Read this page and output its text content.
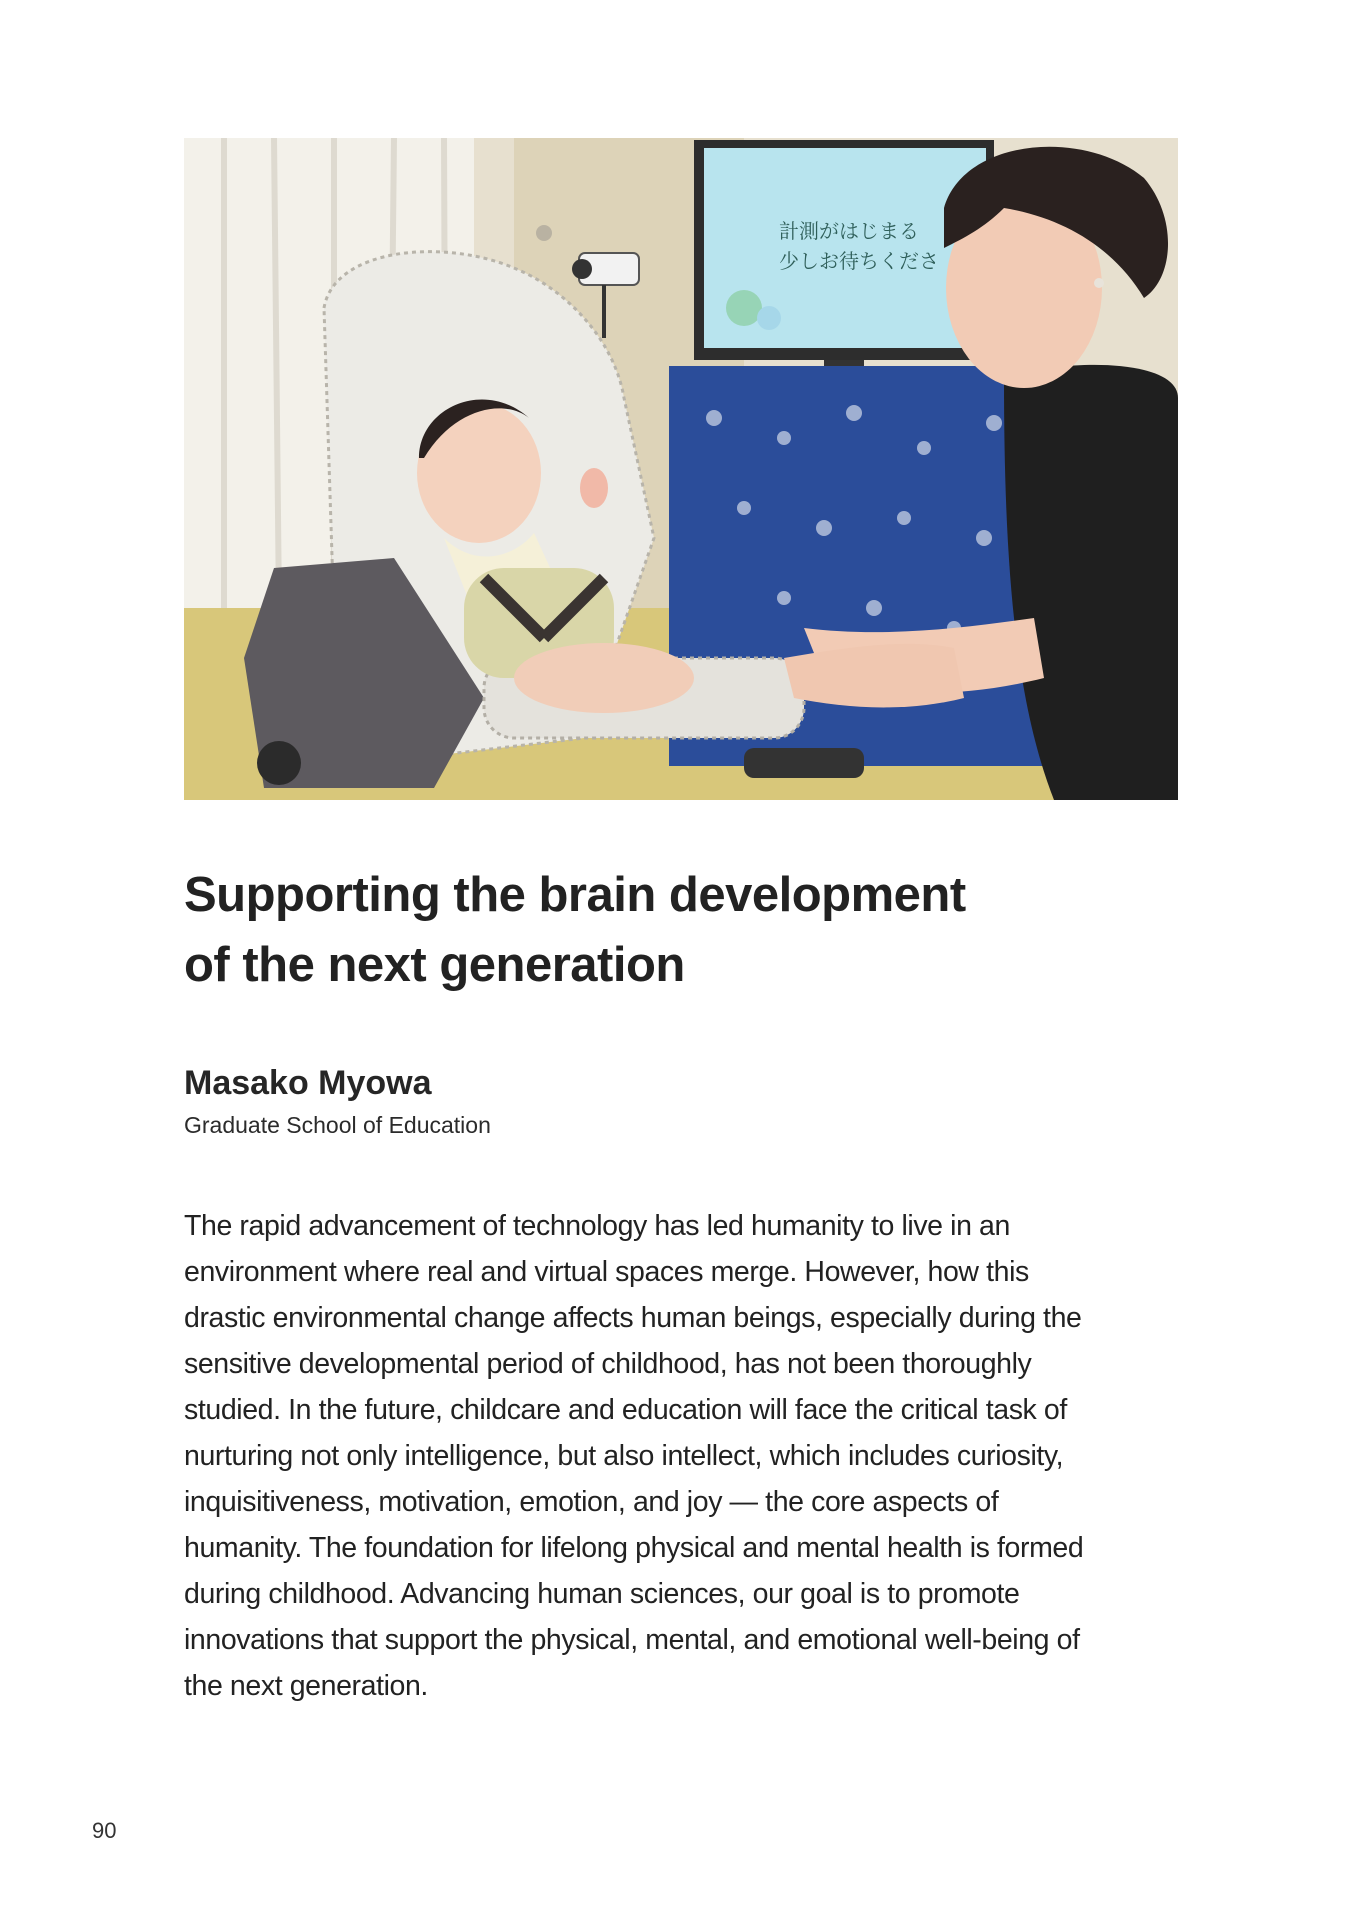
計測がはじまる
少しお待ちくださ
Supporting the brain development
of the next generation

Masako Myowa

Graduate School of Education

The rapid advancement of technology has led humanity to live in an
environment where real and virtual spaces merge. However, how this
drastic environmental change affects human beings, especially during the
sensitive developmental period of childhood, has not been thoroughly
studied. In the future, childcare and education will face the critical task of
nurturing not only intelligence, but also intellect, which includes curiosity,
inquisitiveness, motivation, emotion, and joy — the core aspects of
humanity. The foundation for lifelong physical and mental health is formed
during childhood. Advancing human sciences, our goal is to promote
innovations that support the physical, mental, and emotional well-being of
the next generation.

90
